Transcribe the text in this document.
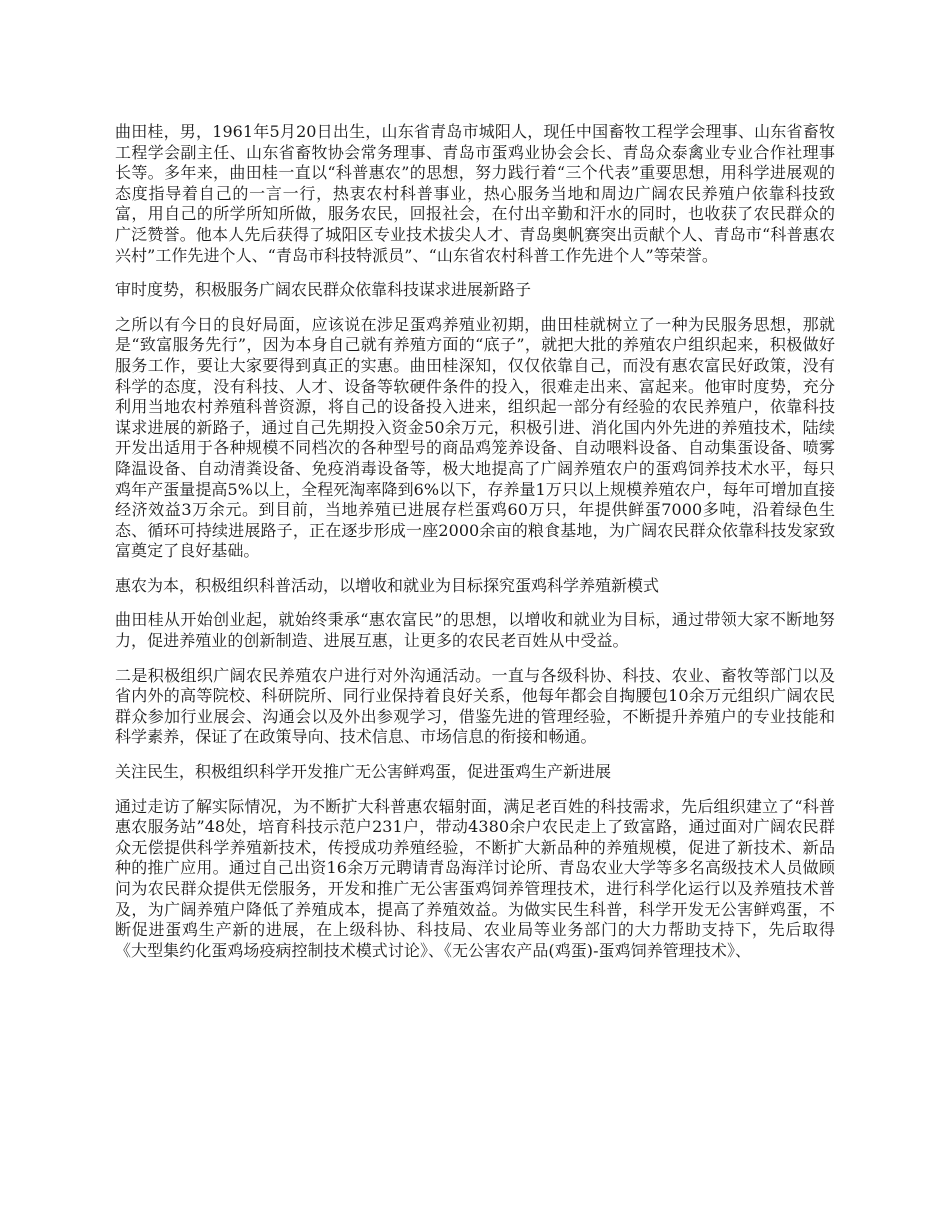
曲田桂，男，1961年5月20日出生，山东省青岛市城阳人，现任中国畜牧工程学会理事、山东省畜牧工程学会副主任、山东省畜牧协会常务理事、青岛市蛋鸡业协会会长、青岛众泰禽业专业合作社理事长等。多年来，曲田桂一直以“科普惠农”的思想，努力践行着“三个代表”重要思想，用科学进展观的态度指导着自己的一言一行，热衷农村科普事业，热心服务当地和周边广阔农民养殖户依靠科技致富，用自己的所学所知所做，服务农民，回报社会，在付出辛勤和汗水的同时，也收获了农民群众的广泛赞誉。他本人先后获得了城阳区专业技术拔尖人才、青岛奥帆赛突出贡献个人、青岛市“科普惠农兴村”工作先进个人、“青岛市科技特派员”、“山东省农村科普工作先进个人”等荣誉。

审时度势，积极服务广阔农民群众依靠科技谋求进展新路子

之所以有今日的良好局面，应该说在涉足蛋鸡养殖业初期，曲田桂就树立了一种为民服务思想，那就是“致富服务先行”，因为本身自己就有养殖方面的“底子”，就把大批的养殖农户组织起来，积极做好服务工作，要让大家要得到真正的实惠。曲田桂深知，仅仅依靠自己，而没有惠农富民好政策，没有科学的态度，没有科技、人才、设备等软硬件条件的投入，很难走出来、富起来。他审时度势，充分利用当地农村养殖科普资源，将自己的设备投入进来，组织起一部分有经验的农民养殖户，依靠科技谋求进展的新路子，通过自己先期投入资金50余万元，积极引进、消化国内外先进的养殖技术，陆续开发出适用于各种规模不同档次的各种型号的商品鸡笼养设备、自动喂料设备、自动集蛋设备、喷雾降温设备、自动清粪设备、免疫消毒设备等，极大地提高了广阔养殖农户的蛋鸡饲养技术水平，每只鸡年产蛋量提高5%以上，全程死淘率降到6%以下，存养量1万只以上规模养殖农户，每年可增加直接经济效益3万余元。到目前，当地养殖已进展存栏蛋鸡60万只，年提供鲜蛋7000多吨，沿着绿色生态、循环可持续进展路子，正在逐步形成一座2000余亩的粮食基地，为广阔农民群众依靠科技发家致富奠定了良好基础。

惠农为本，积极组织科普活动，以增收和就业为目标探究蛋鸡科学养殖新模式

曲田桂从开始创业起，就始终秉承“惠农富民”的思想，以增收和就业为目标，通过带领大家不断地努力，促进养殖业的创新制造、进展互惠，让更多的农民老百姓从中受益。

二是积极组织广阔农民养殖农户进行对外沟通活动。一直与各级科协、科技、农业、畜牧等部门以及省内外的高等院校、科研院所、同行业保持着良好关系，他每年都会自掏腰包10余万元组织广阔农民群众参加行业展会、沟通会以及外出参观学习，借鉴先进的管理经验，不断提升养殖户的专业技能和科学素养，保证了在政策导向、技术信息、市场信息的衔接和畅通。

关注民生，积极组织科学开发推广无公害鲜鸡蛋，促进蛋鸡生产新进展

通过走访了解实际情况，为不断扩大科普惠农辐射面，满足老百姓的科技需求，先后组织建立了“科普惠农服务站”48处，培育科技示范户231户，带动4380余户农民走上了致富路，通过面对广阔农民群众无偿提供科学养殖新技术，传授成功养殖经验，不断扩大新品种的养殖规模，促进了新技术、新品种的推广应用。通过自己出资16余万元聘请青岛海洋讨论所、青岛农业大学等多名高级技术人员做顾问为农民群众提供无偿服务，开发和推广无公害蛋鸡饲养管理技术，进行科学化运行以及养殖技术普及，为广阔养殖户降低了养殖成本，提高了养殖效益。为做实民生科普，科学开发无公害鲜鸡蛋，不断促进蛋鸡生产新的进展，在上级科协、科技局、农业局等业务部门的大力帮助支持下，先后取得《大型集约化蛋鸡场疫病控制技术模式讨论》、《无公害农产品(鸡蛋)-蛋鸡饲养管理技术》、
